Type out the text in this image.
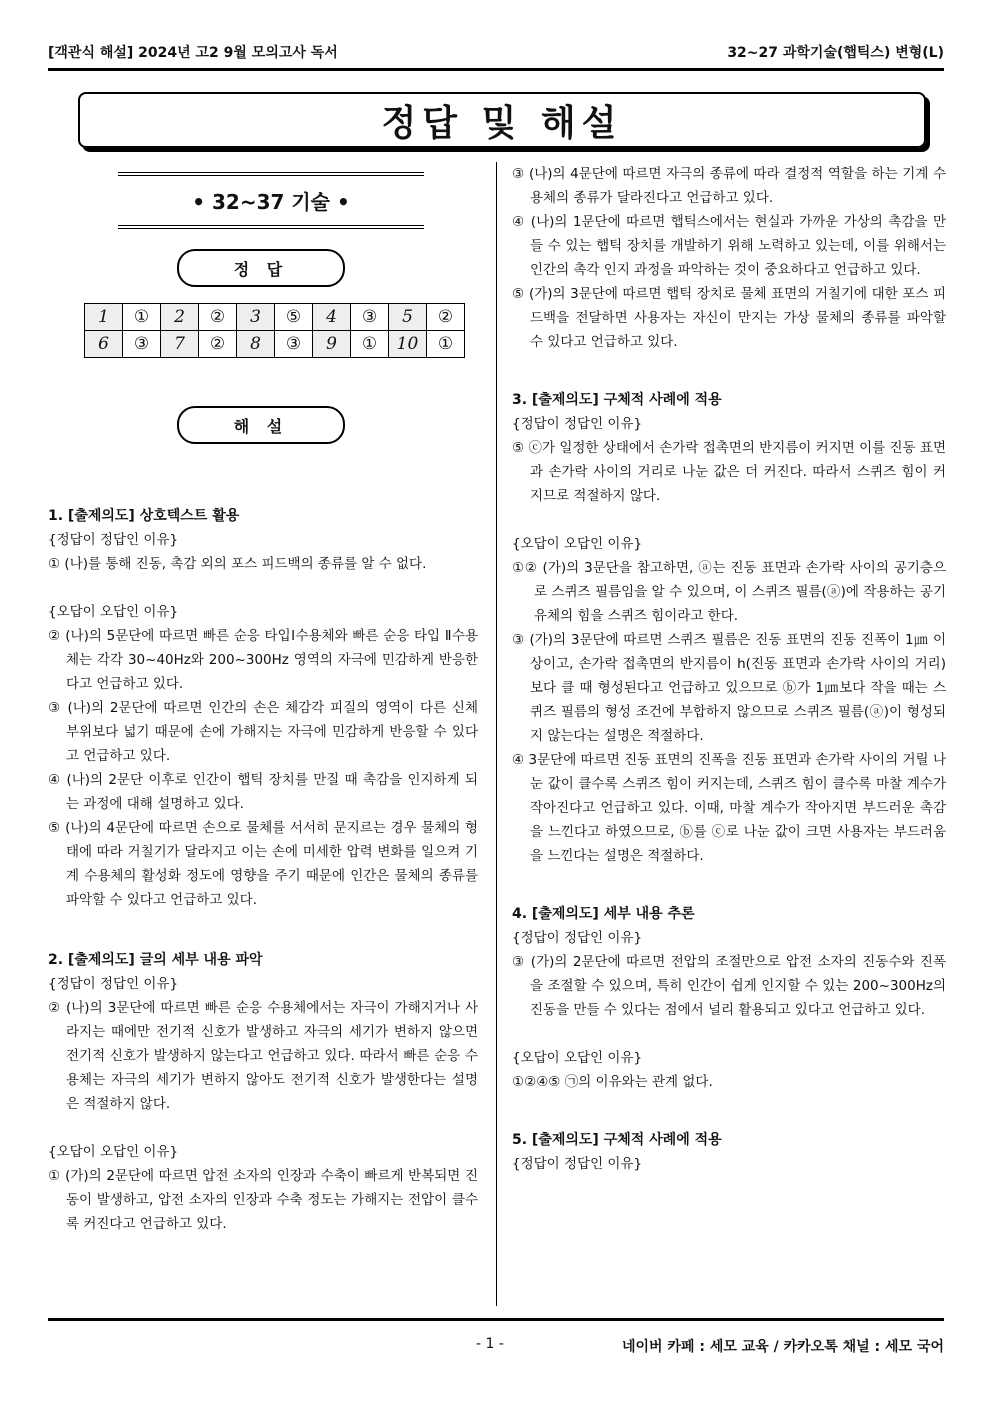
[객관식 해설] 2024년 고2 9월 모의고사 독서	32~27 과학기술(햅틱스) 변형(L)
정답 및 해설
• 32~37 기술 •
정 답
1	①	2	②	3	⑤	4	③	5	②
6	③	7	②	8	③	9	①	10	①
해 설
1. [출제의도] 상호텍스트 활용
{정답이 정답인 이유}
① (나)를 통해 진동, 촉감 외의 포스 피드백의 종류를 알 수 없다.
{오답이 오답인 이유}
② (나)의 5문단에 따르면 빠른 순응 타입Ⅰ수용체와 빠른 순응 타입 Ⅱ수용체는 각각 30~40Hz와 200~300Hz 영역의 자극에 민감하게 반응한다고 언급하고 있다.
③ (나)의 2문단에 따르면 인간의 손은 체감각 피질의 영역이 다른 신체 부위보다 넓기 때문에 손에 가해지는 자극에 민감하게 반응할 수 있다고 언급하고 있다.
④ (나)의 2문단 이후로 인간이 햅틱 장치를 만질 때 촉감을 인지하게 되는 과정에 대해 설명하고 있다.
⑤ (나)의 4문단에 따르면 손으로 물체를 서서히 문지르는 경우 물체의 형태에 따라 거칠기가 달라지고 이는 손에 미세한 압력 변화를 일으켜 기계 수용체의 활성화 정도에 영향을 주기 때문에 인간은 물체의 종류를 파악할 수 있다고 언급하고 있다.
2. [출제의도] 글의 세부 내용 파악
{정답이 정답인 이유}
② (나)의 3문단에 따르면 빠른 순응 수용체에서는 자극이 가해지거나 사라지는 때에만 전기적 신호가 발생하고 자극의 세기가 변하지 않으면 전기적 신호가 발생하지 않는다고 언급하고 있다. 따라서 빠른 순응 수용체는 자극의 세기가 변하지 않아도 전기적 신호가 발생한다는 설명은 적절하지 않다.
{오답이 오답인 이유}
① (가)의 2문단에 따르면 압전 소자의 인장과 수축이 빠르게 반복되면 진동이 발생하고, 압전 소자의 인장과 수축 정도는 가해지는 전압이 클수록 커진다고 언급하고 있다.
③ (나)의 4문단에 따르면 자극의 종류에 따라 결정적 역할을 하는 기계 수용체의 종류가 달라진다고 언급하고 있다.
④ (나)의 1문단에 따르면 햅틱스에서는 현실과 가까운 가상의 촉감을 만들 수 있는 햅틱 장치를 개발하기 위해 노력하고 있는데, 이를 위해서는 인간의 촉각 인지 과정을 파악하는 것이 중요하다고 언급하고 있다.
⑤ (가)의 3문단에 따르면 햅틱 장치로 물체 표면의 거칠기에 대한 포스 피드백을 전달하면 사용자는 자신이 만지는 가상 물체의 종류를 파악할 수 있다고 언급하고 있다.
3. [출제의도] 구체적 사례에 적용
{정답이 정답인 이유}
⑤ ⓒ가 일정한 상태에서 손가락 접촉면의 반지름이 커지면 이를 진동 표면과 손가락 사이의 거리로 나눈 값은 더 커진다. 따라서 스퀴즈 힘이 커지므로 적절하지 않다.
{오답이 오답인 이유}
①② (가)의 3문단을 참고하면, ⓐ는 진동 표면과 손가락 사이의 공기층으로 스퀴즈 필름임을 알 수 있으며, 이 스퀴즈 필름(ⓐ)에 작용하는 공기 유체의 힘을 스퀴즈 힘이라고 한다.
③ (가)의 3문단에 따르면 스퀴즈 필름은 진동 표면의 진동 진폭이 1㎛ 이상이고, 손가락 접촉면의 반지름이 h(진동 표면과 손가락 사이의 거리)보다 클 때 형성된다고 언급하고 있으므로 ⓑ가 1㎛보다 작을 때는 스퀴즈 필름의 형성 조건에 부합하지 않으므로 스퀴즈 필름(ⓐ)이 형성되지 않는다는 설명은 적절하다.
④ 3문단에 따르면 진동 표면의 진폭을 진동 표면과 손가락 사이의 거릴 나눈 값이 클수록 스퀴즈 힘이 커지는데, 스퀴즈 힘이 클수록 마찰 계수가 작아진다고 언급하고 있다. 이때, 마찰 계수가 작아지면 부드러운 촉감을 느낀다고 하였으므로, ⓑ를 ⓒ로 나눈 값이 크면 사용자는 부드러움을 느낀다는 설명은 적절하다.
4. [출제의도] 세부 내용 추론
{정답이 정답인 이유}
③ (가)의 2문단에 따르면 전압의 조절만으로 압전 소자의 진동수와 진폭을 조절할 수 있으며, 특히 인간이 쉽게 인지할 수 있는 200~300Hz의 진동을 만들 수 있다는 점에서 널리 활용되고 있다고 언급하고 있다.
{오답이 오답인 이유}
①②④⑤ ㉠의 이유와는 관계 없다.
5. [출제의도] 구체적 사례에 적용
{정답이 정답인 이유}
- 1 -	네이버 카페 : 세모 교육 / 카카오톡 채널 : 세모 국어
